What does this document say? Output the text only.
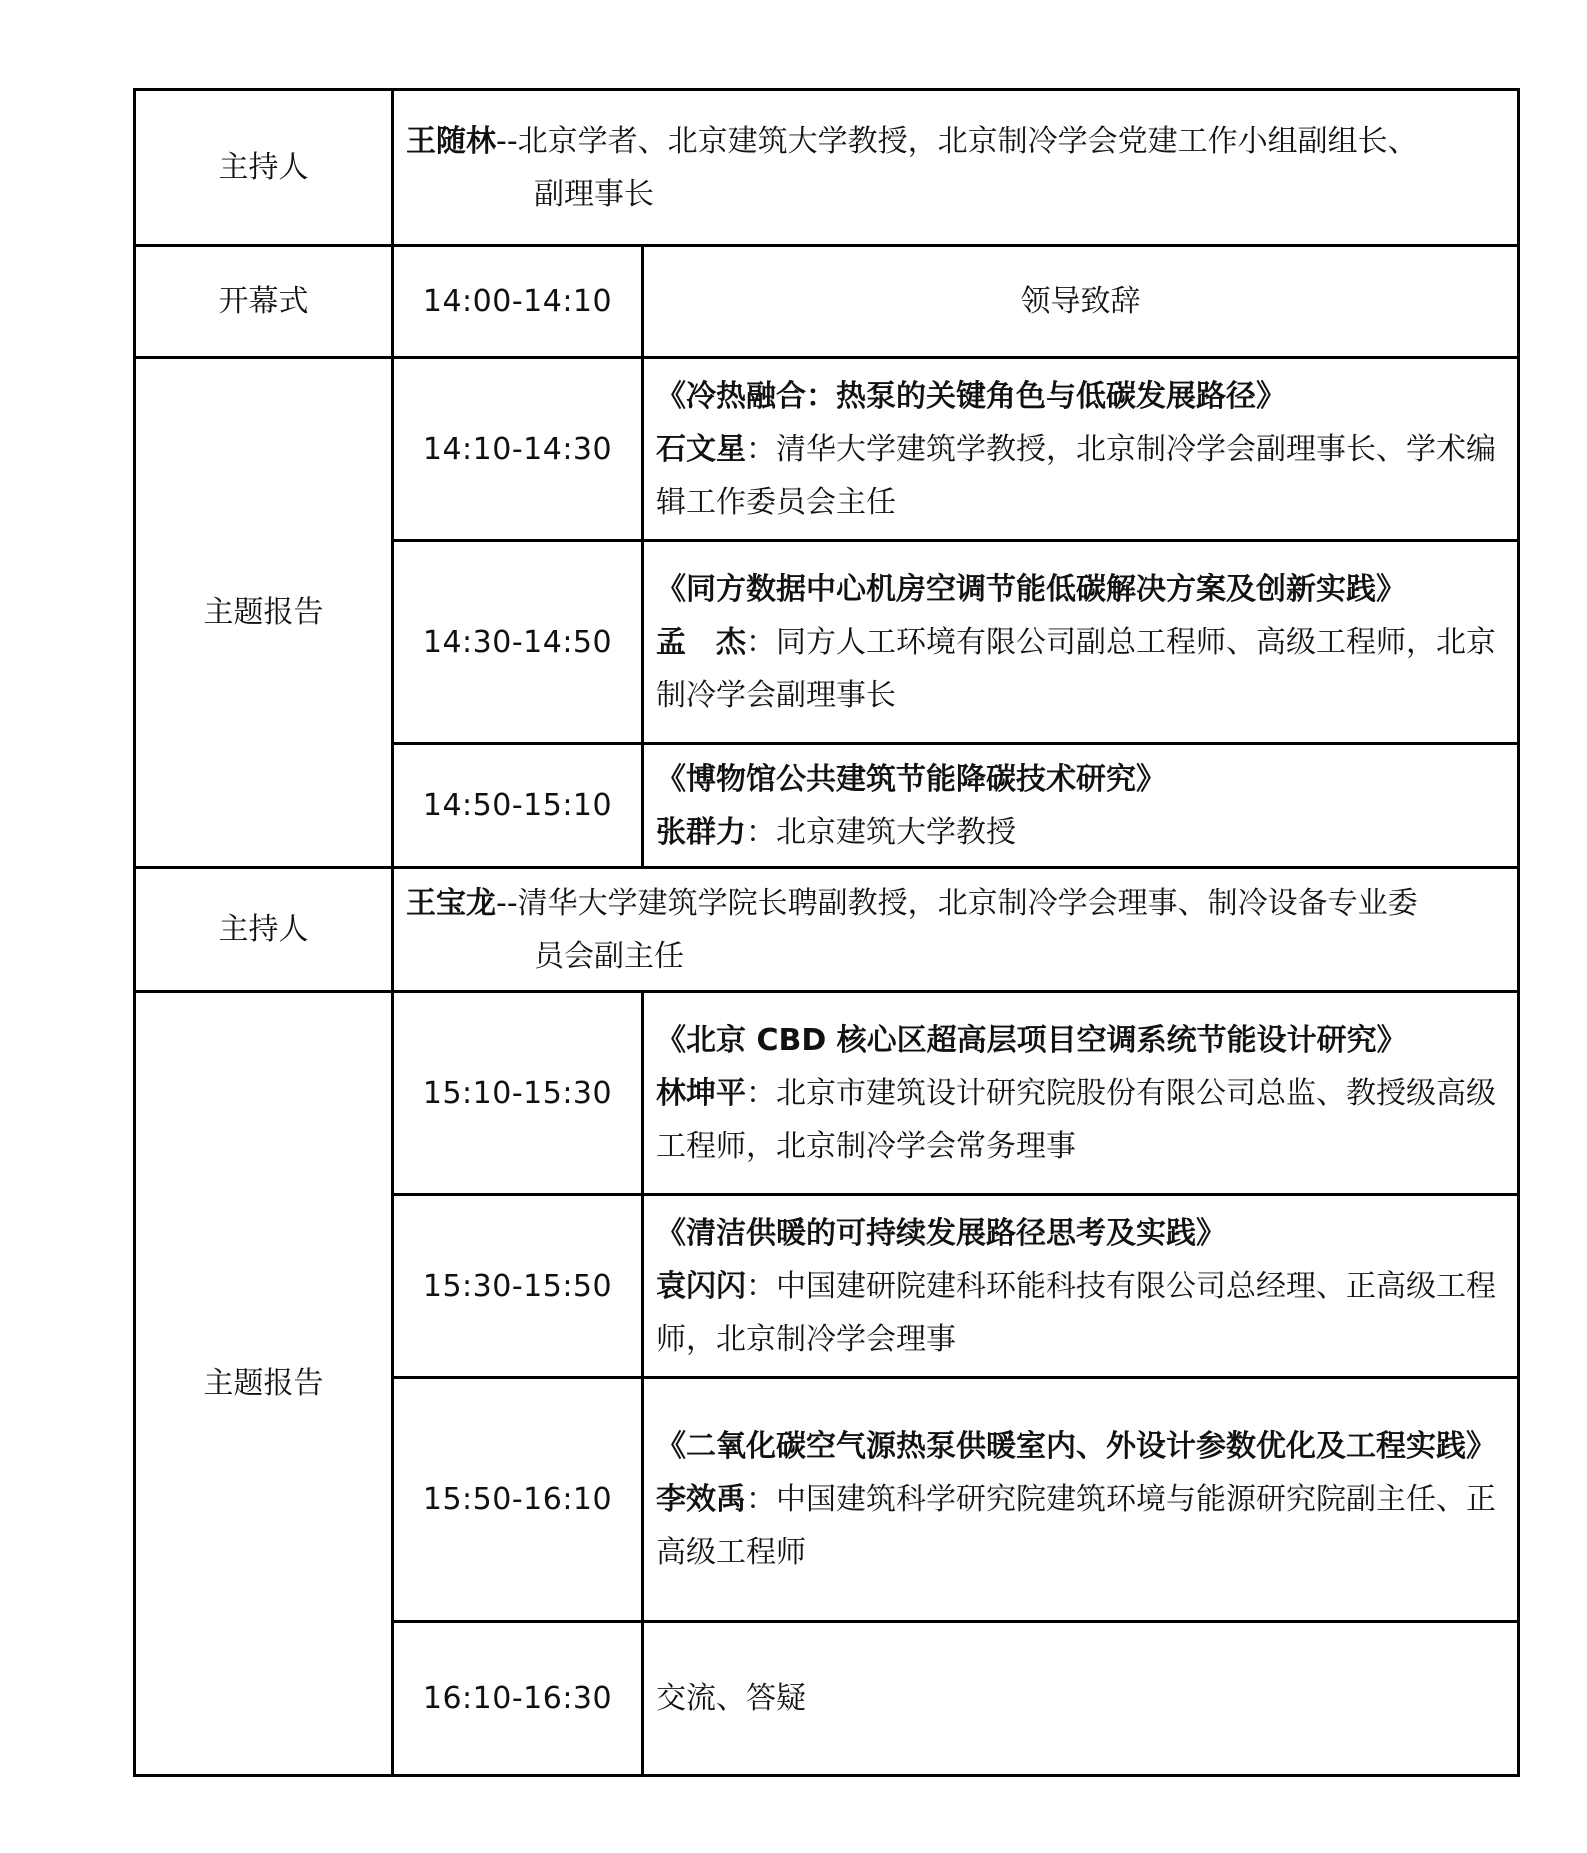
主持人	王随林--北京学者、北京建筑大学教授，北京制冷学会党建工作小组副组长、
副理事长	

开幕式	14:00-14:10	领导致辞
主题报告	14:10-14:30	《冷热融合：热泵的关键角色与低碳发展路径》
石文星：清华大学建筑学教授，北京制冷学会副理事长、学术编辑工作委员会主任
	14:30-14:50	《同方数据中心机房空调节能低碳解决方案及创新实践》
孟　杰：同方人工环境有限公司副总工程师、高级工程师，北京制冷学会副理事长
	14:50-15:10	《博物馆公共建筑节能降碳技术研究》
张群力：北京建筑大学教授
主持人	王宝龙--清华大学建筑学院长聘副教授，北京制冷学会理事、制冷设备专业委
员会副主任	

主题报告	15:10-15:30	《北京 CBD 核心区超高层项目空调系统节能设计研究》
林坤平：北京市建筑设计研究院股份有限公司总监、教授级高级工程师，北京制冷学会常务理事
	15:30-15:50	《清洁供暖的可持续发展路径思考及实践》
袁闪闪：中国建研院建科环能科技有限公司总经理、正高级工程师，北京制冷学会理事
	15:50-16:10	《二氧化碳空气源热泵供暖室内、外设计参数优化及工程实践》
李效禹：中国建筑科学研究院建筑环境与能源研究院副主任、正高级工程师
	16:10-16:30	交流、答疑
